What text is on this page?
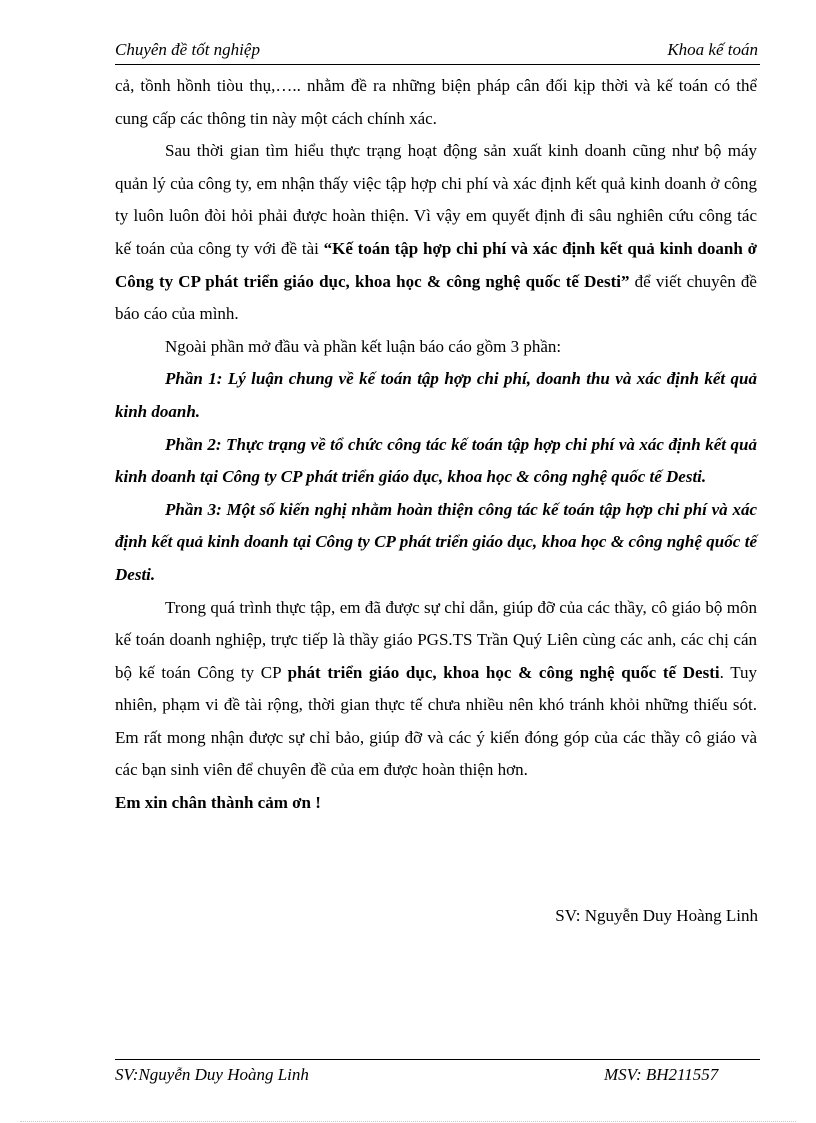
Chuyên đề tốt nghiệp	Khoa kế toán

cả, tồnh hồnh tiòu thụ,….. nhằm đề ra những biện pháp cân đối kịp thời và kế toán có thể cung cấp các thông tin này một cách chính xác.

Sau thời gian tìm hiểu thực trạng hoạt động sản xuất kinh doanh cũng như bộ máy quản lý của công ty, em nhận thấy việc tập hợp chi phí và xác định kết quả kinh doanh ở công ty luôn luôn đòi hỏi phải được hoàn thiện. Vì vậy em quyết định đi sâu nghiên cứu công tác kế toán của công ty với đề tài “Kế toán tập hợp chi phí và xác định kết quả kinh doanh ở Công ty CP phát triển giáo dục, khoa học & công nghệ quốc tế Desti” để viết chuyên đề báo cáo của mình.

Ngoài phần mở đầu và phần kết luận báo cáo gồm 3 phần:

Phần 1: Lý luận chung về kế toán tập hợp chi phí, doanh thu và xác định kết quả kinh doanh.

Phần 2: Thực trạng về tổ chức công tác kế toán tập hợp chi phí và xác định kết quả kinh doanh tại Công ty CP phát triển giáo dục, khoa học & công nghệ quốc tế Desti.

Phần 3: Một số kiến nghị nhằm hoàn thiện công tác kế toán tập hợp chi phí và xác định kết quả kinh doanh tại Công ty CP phát triển giáo dục, khoa học & công nghệ quốc tế Desti.

Trong quá trình thực tập, em đã được sự chỉ dẫn, giúp đỡ của các thầy, cô giáo bộ môn kế toán doanh nghiệp, trực tiếp là thầy giáo PGS.TS Trần Quý Liên cùng các anh, các chị cán bộ kế toán Công ty CP phát triển giáo dục, khoa học & công nghệ quốc tế Desti. Tuy nhiên, phạm vi đề tài rộng, thời gian thực tế chưa nhiều nên khó tránh khỏi những thiếu sót. Em rất mong nhận được sự chỉ bảo, giúp đỡ và các ý kiến đóng góp của các thầy cô giáo và các bạn sinh viên để chuyên đề của em được hoàn thiện hơn.

Em xin chân thành cảm ơn !

SV: Nguyễn Duy Hoàng Linh
SV:Nguyễn Duy Hoàng Linh	MSV: BH211557
